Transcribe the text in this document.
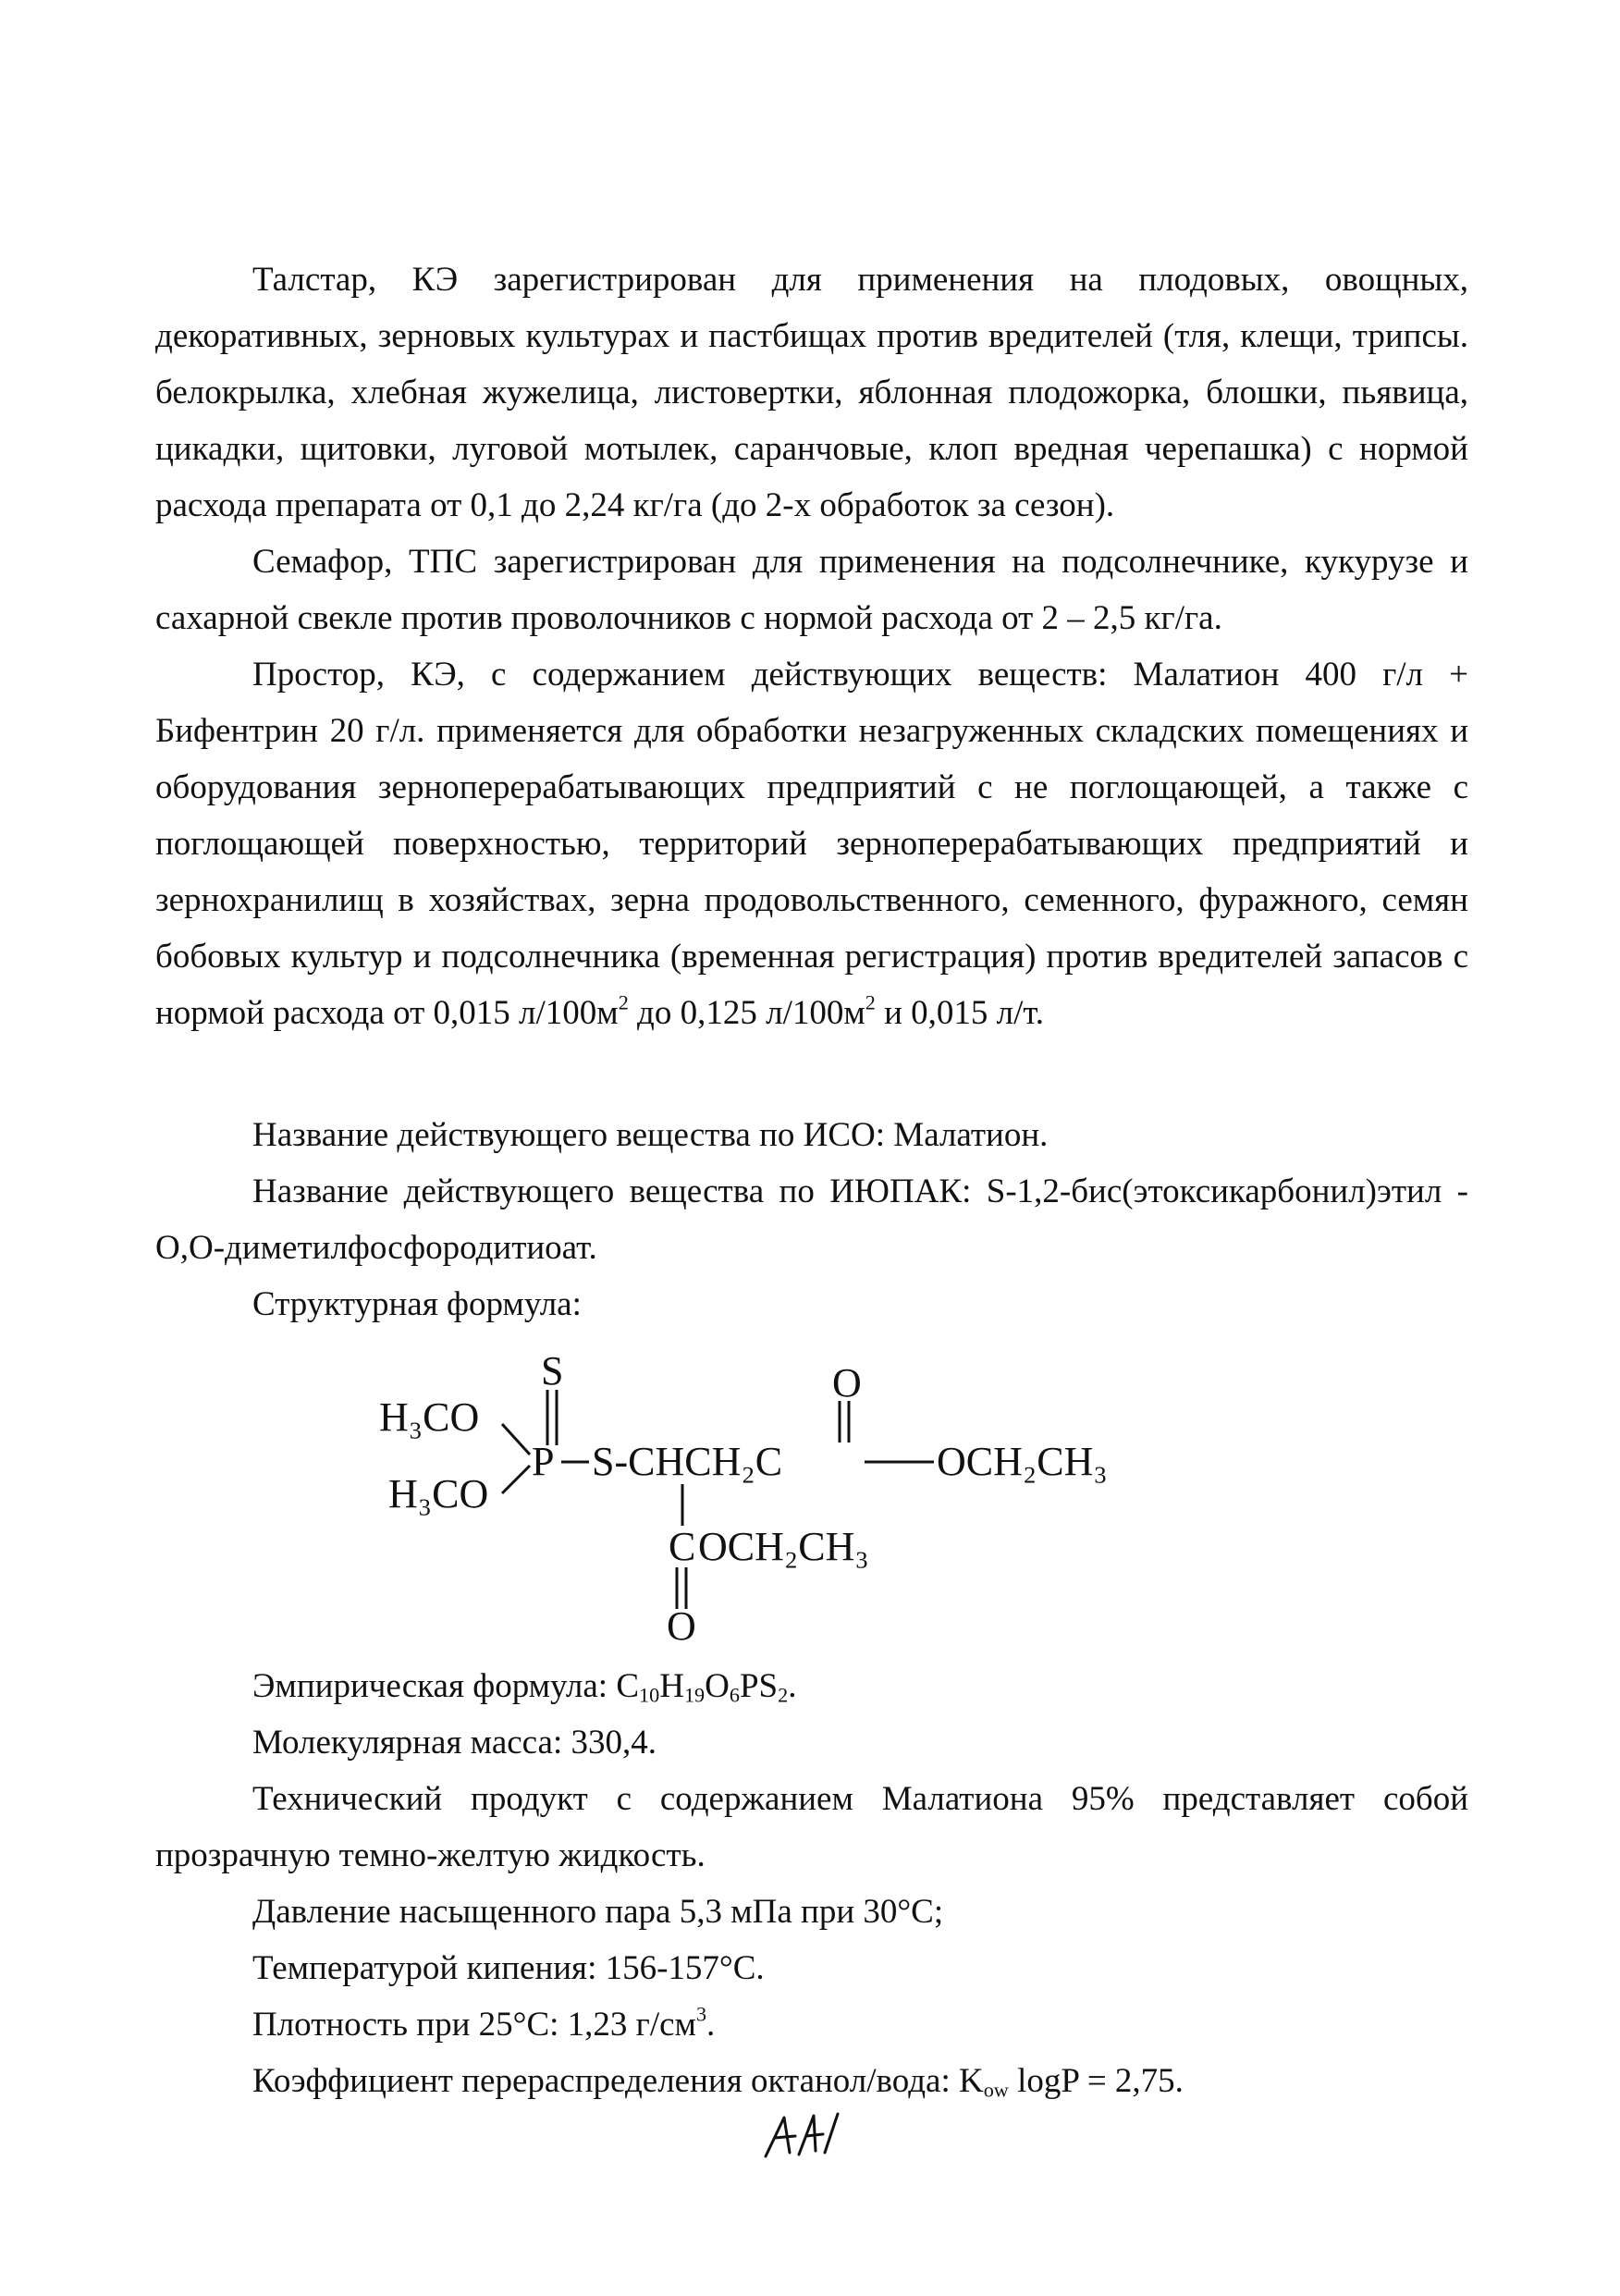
Талстар, КЭ зарегистрирован для применения на плодовых, овощных, декоративных, зерновых культурах и пастбищах против вредителей (тля, клещи, трипсы. белокрылка, хлебная жужелица, листовертки, яблонная плодожорка, блошки, пьявица, цикадки, щитовки, луговой мотылек, саранчовые, клоп вредная черепашка) с нормой расхода препарата от 0,1 до 2,24 кг/га (до 2-х обработок за сезон).

Семафор, ТПС зарегистрирован для применения на подсолнечнике, кукурузе и сахарной свекле против проволочников с нормой расхода от 2 – 2,5 кг/га.

Простор, КЭ, с содержанием действующих веществ: Малатион 400 г/л + Бифентрин 20 г/л. применяется для обработки незагруженных складских помещениях и оборудования зерноперерабатывающих предприятий с не поглощающей, а также с поглощающей поверхностью, территорий зерноперерабатывающих предприятий и зернохранилищ в хозяйствах, зерна продовольственного, семенного, фуражного, семян бобовых культур и подсолнечника (временная регистрация) против вредителей запасов с нормой расхода от 0,015 $л/100м^2$ до 0,125 $л/100м^2$ и 0,015 л/т.

Название действующего вещества по ИСО: Малатион.

Название действующего вещества по ИЮПАК: S-1,2-бис(этоксикарбонил)этил -O,O-диметилфосфородитиоат.

Структурная формула:

H₃CO
H₃CO
S
P S-CHCH₂C
O
OCH₂CH₃
C OCH₂CH₃
O

Эмпирическая формула: $C_{10}H_{19}O_6PS_2$.

Молекулярная масса: 330,4.

Технический продукт с содержанием Малатиона 95% представляет собой прозрачную темно-желтую жидкость.

Давление насыщенного пара 5,3 мПа при 30°С;

Температурой кипения: 156-157°С.

Плотность при 25°С: 1,23 $г/см^3$.

Коэффициент перераспределения октанол/вода: $K_{ow}$ logP = 2,75.
